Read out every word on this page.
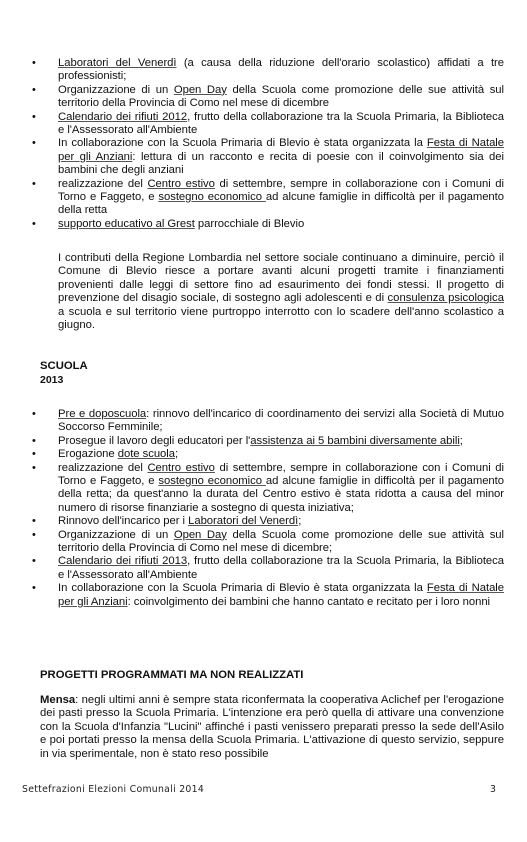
•	Laboratori del Venerdì (a causa della riduzione dell'orario scolastico) affidati a tre professionisti;
•	Organizzazione di un Open Day della Scuola come promozione delle sue attività sul territorio della Provincia di Como nel mese di dicembre
•	Calendario dei rifiuti 2012, frutto della collaborazione tra la Scuola Primaria, la Biblioteca e l'Assessorato all'Ambiente
•	In collaborazione con la Scuola Primaria di Blevio è stata organizzata la Festa di Natale per gli Anziani: lettura di un racconto e recita di poesie con il coinvolgimento sia dei bambini che degli anziani
•	realizzazione del Centro estivo di settembre, sempre in collaborazione con i Comuni di Torno e Faggeto, e sostegno economico ad alcune famiglie in difficoltà per il pagamento della retta
•	supporto educativo al Grest parrocchiale di Blevio

I contributi della Regione Lombardia nel settore sociale continuano a diminuire, perciò il Comune di Blevio riesce a portare avanti alcuni progetti tramite i finanziamenti provenienti dalle leggi di settore fino ad esaurimento dei fondi stessi. Il progetto di prevenzione del disagio sociale, di sostegno agli adolescenti e di consulenza psicologica a scuola e sul territorio viene purtroppo interrotto con lo scadere dell'anno scolastico a giugno.

SCUOLA

2013

•	Pre e doposcuola: rinnovo dell'incarico di coordinamento dei servizi alla Società di Mutuo Soccorso Femminile;
•	Prosegue il lavoro degli educatori per l'assistenza ai 5 bambini diversamente abili;
•	Erogazione dote scuola;
•	realizzazione del Centro estivo di settembre, sempre in collaborazione con i Comuni di Torno e Faggeto, e sostegno economico ad alcune famiglie in difficoltà per il pagamento della retta; da quest'anno la durata del Centro estivo è stata ridotta a causa del minor numero di risorse finanziarie a sostegno di questa iniziativa;
•	Rinnovo dell'incarico per i Laboratori del Venerdì;
•	Organizzazione di un Open Day della Scuola come promozione delle sue attività sul territorio della Provincia di Como nel mese di dicembre;
•	Calendario dei rifiuti 2013, frutto della collaborazione tra la Scuola Primaria, la Biblioteca e l'Assessorato all'Ambiente
•	In collaborazione con la Scuola Primaria di Blevio è stata organizzata la Festa di Natale per gli Anziani: coinvolgimento dei bambini che hanno cantato e recitato per i loro nonni

PROGETTI PROGRAMMATI MA NON REALIZZATI

Mensa: negli ultimi anni è sempre stata riconfermata la cooperativa Aclichef per l'erogazione dei pasti presso la Scuola Primaria. L'intenzione era però quella di attivare una convenzione con la Scuola d'Infanzia "Lucini" affinché i pasti venissero preparati presso la sede dell'Asilo e poi portati presso la mensa della Scuola Primaria. L'attivazione di questo servizio, seppure in via sperimentale, non è stato reso possibile

Settefrazioni Elezioni Comunali 2014	3
